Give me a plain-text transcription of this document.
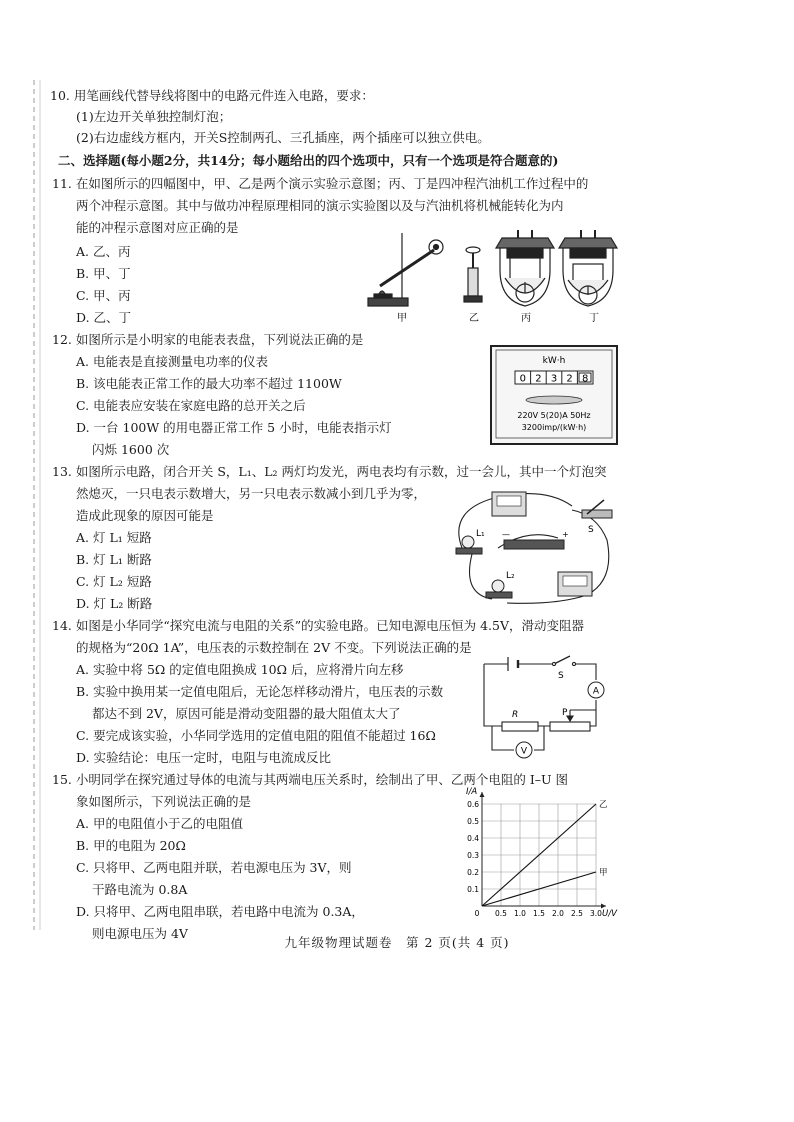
10. 用笔画线代替导线将图中的电路元件连入电路，要求：
(1)左边开关单独控制灯泡；
(2)右边虚线方框内，开关S控制两孔、三孔插座，两个插座可以独立供电。
二、选择题(每小题2分，共14分；每小题给出的四个选项中，只有一个选项是符合题意的)
11. 在如图所示的四幅图中，甲、乙是两个演示实验示意图；丙、丁是四冲程汽油机工作过程中的
两个冲程示意图。其中与做功冲程原理相同的演示实验图以及与汽油机将机械能转化为内
能的冲程示意图对应正确的是
A. 乙、丙
B. 甲、丁
C. 甲、丙
D. 乙、丁	甲	乙	丙	丁
12. 如图所示是小明家的电能表表盘，下列说法正确的是
A. 电能表是直接测量电功率的仪表
B. 该电能表正常工作的最大功率不超过 1100W
C. 电能表应安装在家庭电路的总开关之后
D. 一台 100W 的用电器正常工作 5 小时，电能表指示灯
闪烁 1600 次
kW·h
0 2 3 2 8
220V 5(20)A 50Hz
3200imp/(kW·h)
13. 如图所示电路，闭合开关 S，L₁、L₂ 两灯均发光，两电表均有示数，过一会儿，其中一个灯泡突
然熄灭，一只电表示数增大，另一只电表示数减小到几乎为零，
造成此现象的原因可能是
A. 灯 L₁ 短路
B. 灯 L₁ 断路
C. 灯 L₂ 短路
D. 灯 L₂ 断路
—	+ S
L₁
L₂
14. 如图是小华同学“探究电流与电阻的关系”的实验电路。已知电源电压恒为 4.5V，滑动变阻器
的规格为“20Ω 1A”，电压表的示数控制在 2V 不变。下列说法正确的是
A. 实验中将 5Ω 的定值电阻换成 10Ω 后，应将滑片向左移
B. 实验中换用某一定值电阻后，无论怎样移动滑片，电压表的示数
都达不到 2V，原因可能是滑动变阻器的最大阻值太大了
C. 要完成该实验，小华同学选用的定值电阻的阻值不能超过 16Ω
D. 实验结论：电压一定时，电阻与电流成反比
A
V
S
R	P
15. 小明同学在探究通过导体的电流与其两端电压关系时，绘制出了甲、乙两个电阻的 I–U 图
象如图所示，下列说法正确的是
A. 甲的电阻值小于乙的电阻值
B. 甲的电阻为 20Ω
C. 只将甲、乙两电阻并联，若电源电压为 3V，则
干路电流为 0.8A
D. 只将甲、乙两电阻串联，若电路中电流为 0.3A，
则电源电压为 4V
0 0.5 1.0 1.5 2.0 2.5 3.0
0.1
0.2
0.3
0.4
0.5
0.6	乙
甲
I/A
U/V
九年级物理试题卷　第 2 页(共 4 页)
